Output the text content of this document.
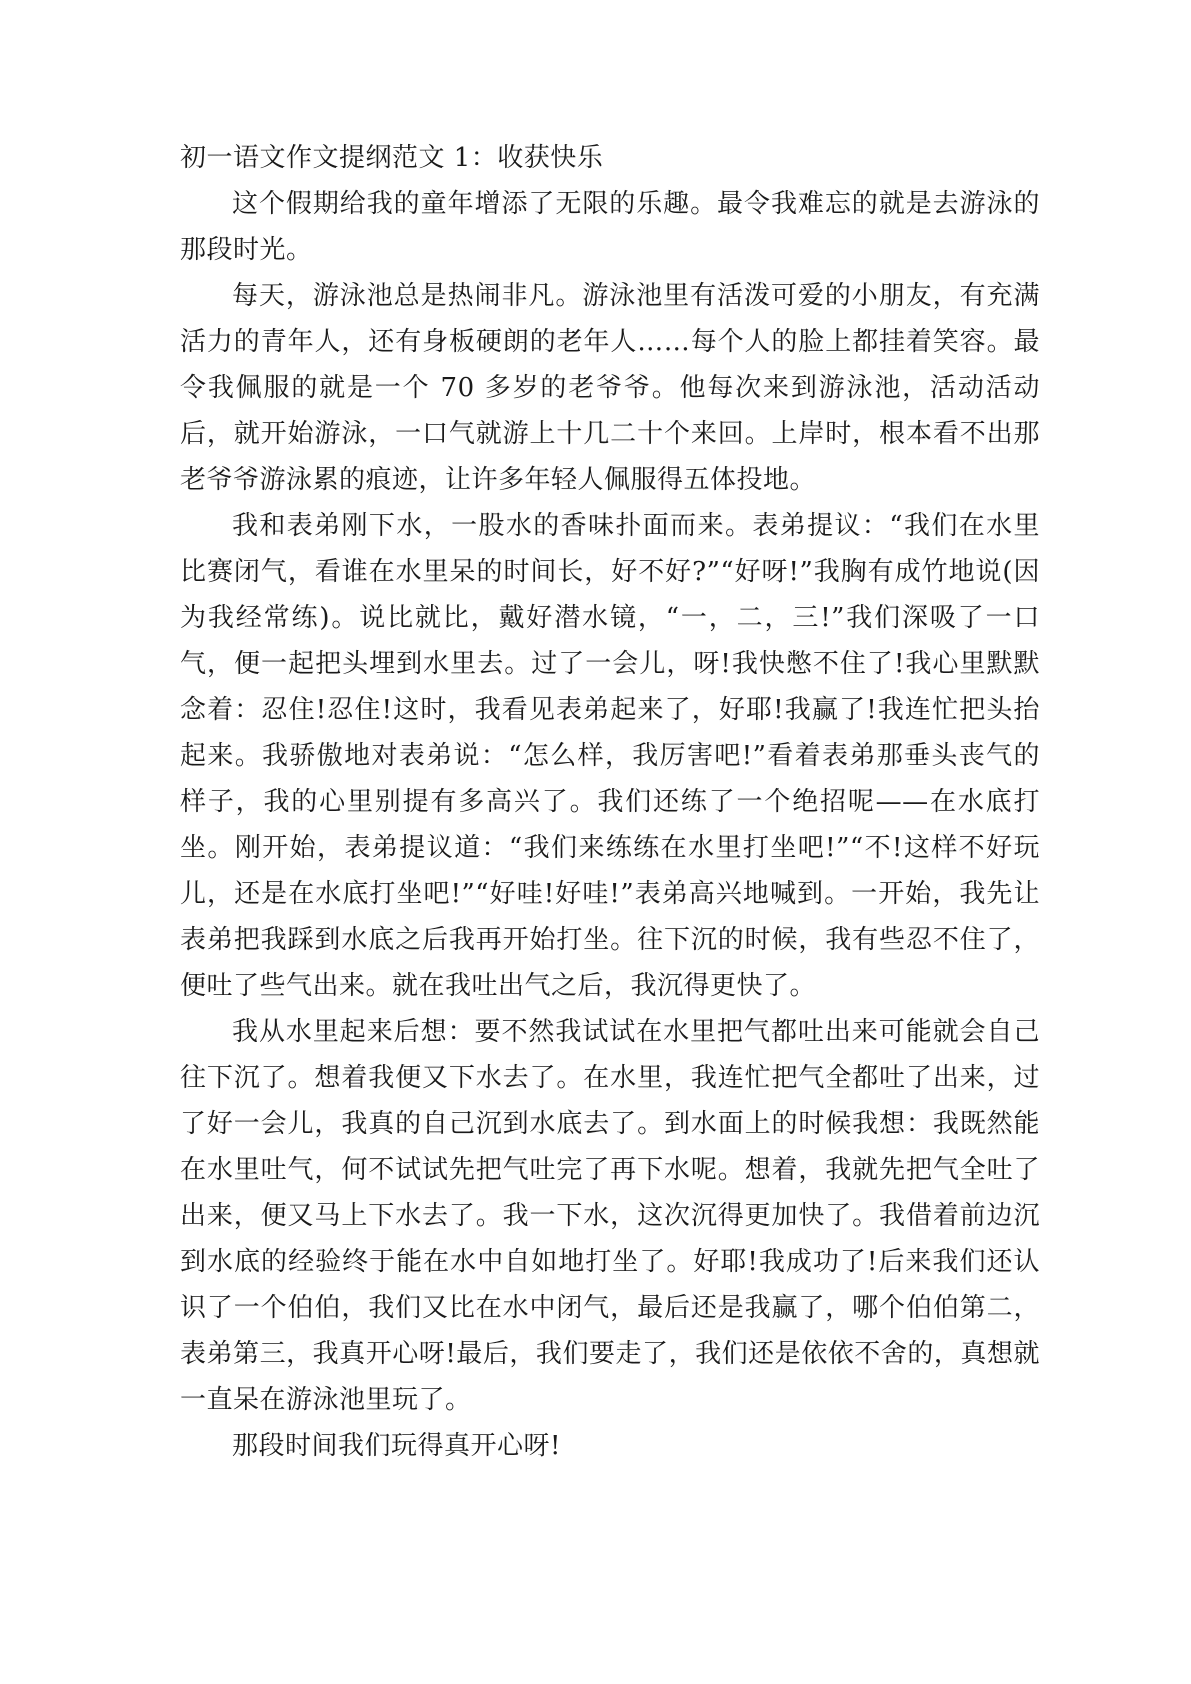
初一语文作文提纲范文 1：收获快乐

这个假期给我的童年增添了无限的乐趣。最令我难忘的就是去游泳的那段时光。

每天，游泳池总是热闹非凡。游泳池里有活泼可爱的小朋友，有充满活力的青年人，还有身板硬朗的老年人……每个人的脸上都挂着笑容。最令我佩服的就是一个 70 多岁的老爷爷。他每次来到游泳池，活动活动后，就开始游泳，一口气就游上十几二十个来回。上岸时，根本看不出那老爷爷游泳累的痕迹，让许多年轻人佩服得五体投地。

我和表弟刚下水，一股水的香味扑面而来。表弟提议：“我们在水里比赛闭气，看谁在水里呆的时间长，好不好?”“好呀!”我胸有成竹地说(因为我经常练)。说比就比，戴好潜水镜，“一，二，三!”我们深吸了一口气，便一起把头埋到水里去。过了一会儿，呀!我快憋不住了!我心里默默念着：忍住!忍住!这时，我看见表弟起来了，好耶!我赢了!我连忙把头抬起来。我骄傲地对表弟说：“怎么样，我厉害吧!”看着表弟那垂头丧气的样子，我的心里别提有多高兴了。我们还练了一个绝招呢——在水底打坐。刚开始，表弟提议道：“我们来练练在水里打坐吧!”“不!这样不好玩儿，还是在水底打坐吧!”“好哇!好哇!”表弟高兴地喊到。一开始，我先让表弟把我踩到水底之后我再开始打坐。往下沉的时候，我有些忍不住了，便吐了些气出来。就在我吐出气之后，我沉得更快了。

我从水里起来后想：要不然我试试在水里把气都吐出来可能就会自己往下沉了。想着我便又下水去了。在水里，我连忙把气全都吐了出来，过了好一会儿，我真的自己沉到水底去了。到水面上的时候我想：我既然能在水里吐气，何不试试先把气吐完了再下水呢。想着，我就先把气全吐了出来，便又马上下水去了。我一下水，这次沉得更加快了。我借着前边沉到水底的经验终于能在水中自如地打坐了。好耶!我成功了!后来我们还认识了一个伯伯，我们又比在水中闭气，最后还是我赢了，哪个伯伯第二，表弟第三，我真开心呀!最后，我们要走了，我们还是依依不舍的，真想就一直呆在游泳池里玩了。

那段时间我们玩得真开心呀!
